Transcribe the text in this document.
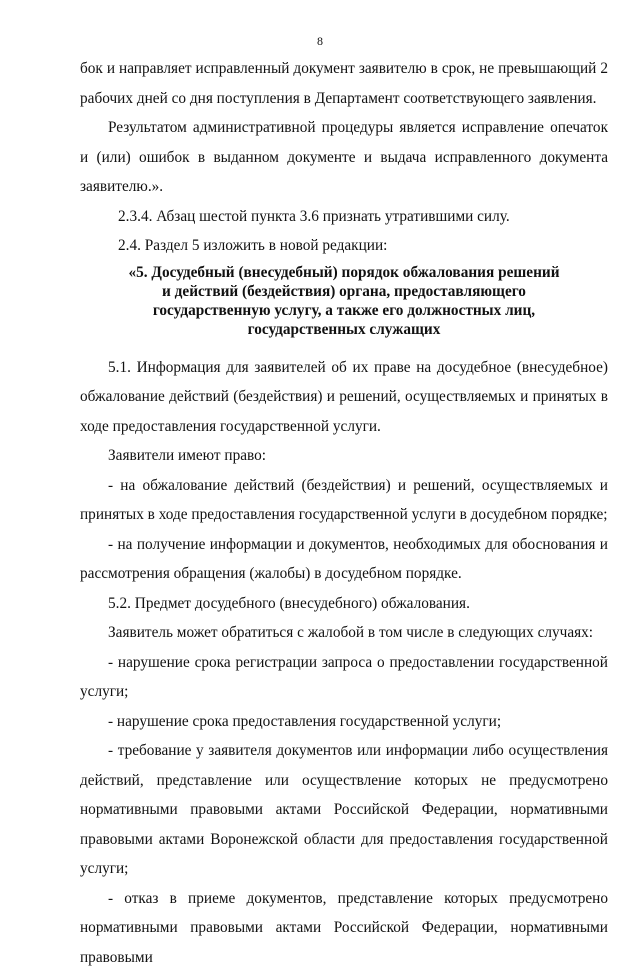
8

бок и направляет исправленный документ заявителю в срок, не превышающий 2 рабочих дней со дня поступления в Департамент соответствующего заявления.

Результатом административной процедуры является исправление опечаток и (или) ошибок в выданном документе и выдача исправленного документа заявителю.».

2.3.4. Абзац шестой пункта 3.6 признать утратившими силу.

2.4. Раздел 5 изложить в новой редакции:

«5. Досудебный (внесудебный) порядок обжалования решений
и действий (бездействия) органа, предоставляющего
государственную услугу, а также его должностных лиц,
государственных служащих

5.1. Информация для заявителей об их праве на досудебное (внесудебное) обжалование действий (бездействия) и решений, осуществляемых и принятых в ходе предоставления государственной услуги.

Заявители имеют право:

- на обжалование действий (бездействия) и решений, осуществляемых и принятых в ходе предоставления государственной услуги в досудебном порядке;

- на получение информации и документов, необходимых для обоснования и рассмотрения обращения (жалобы) в досудебном порядке.

5.2. Предмет досудебного (внесудебного) обжалования.

Заявитель может обратиться с жалобой в том числе в следующих случаях:

- нарушение срока регистрации запроса о предоставлении государственной услуги;

- нарушение срока предоставления государственной услуги;

- требование у заявителя документов или информации либо осуществления действий, представление или осуществление которых не предусмотрено нормативными правовыми актами Российской Федерации, нормативными правовыми актами Воронежской области для предоставления государственной услуги;

- отказ в приеме документов, представление которых предусмотрено нормативными правовыми актами Российской Федерации, нормативными правовыми
